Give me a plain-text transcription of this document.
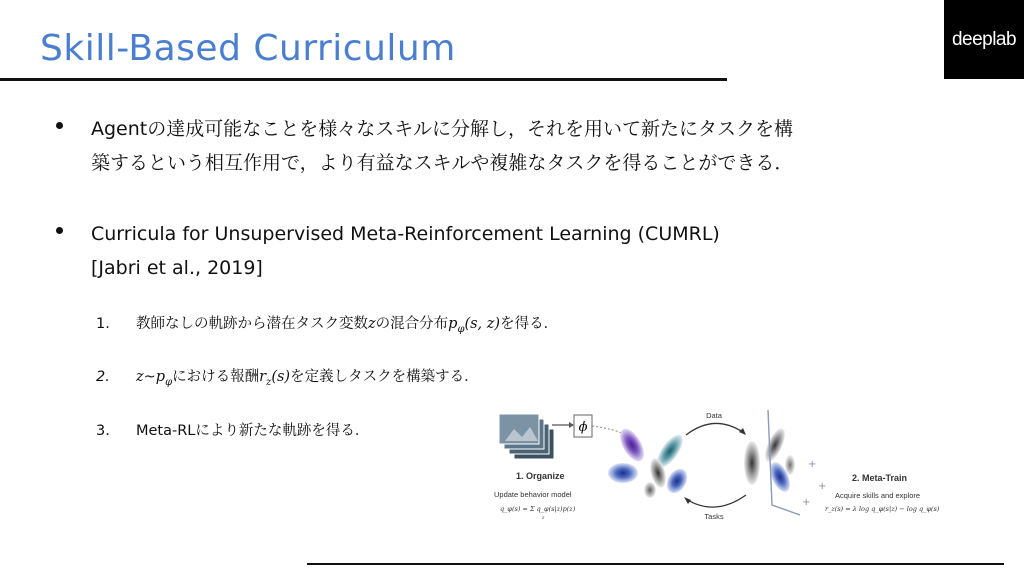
Skill-Based Curriculum	deeplab
Agentの達成可能なことを様々なスキルに分解し，それを用いて新たにタスクを構
築するという相互作用で，より有益なスキルや複雑なタスクを得ることができる．
Curricula for Unsupervised Meta-Reinforcement Learning (CUMRL)
[Jabri et al., 2019]
1. 教師なしの軌跡から潜在タスク変数zの混合分布$p_\varphi(s$, z)を得る．
2. $z\sim p_\varphi$における報酬$r_z(s)$を定義しタスクを構築する．
3. Meta-RLにより新たな軌跡を得る．	ϕ
Data
Tasks
+
+
+
1. Organize
Update behavior model
q_φ(s) = Σ q_φ(s|z)p(z)
z
2. Meta-Train
Acquire skills and explore
r_z(s) = λ log q_φ(s|z) − log q_φ(s)
